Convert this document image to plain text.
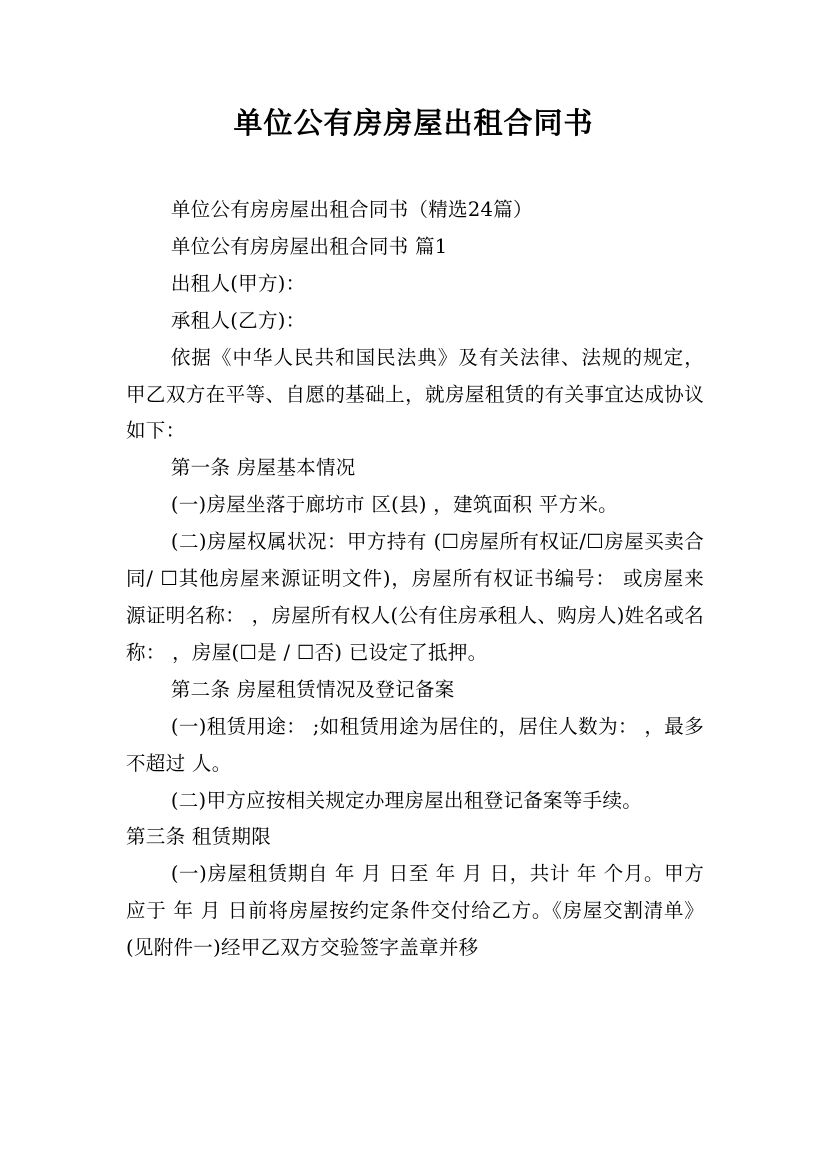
单位公有房房屋出租合同书

单位公有房房屋出租合同书（精选24篇）

单位公有房房屋出租合同书 篇1

出租人(甲方)：

承租人(乙方)：

依据《中华人民共和国民法典》及有关法律、法规的规定，甲乙双方在平等、自愿的基础上，就房屋租赁的有关事宜达成协议如下：

第一条 房屋基本情况

(一)房屋坐落于廊坊市 区(县) ，建筑面积 平方米。

(二)房屋权属状况：甲方持有 (☐房屋所有权证/☐房屋买卖合同/ ☐其他房屋来源证明文件)，房屋所有权证书编号： 或房屋来源证明名称： ，房屋所有权人(公有住房承租人、购房人)姓名或名称： ，房屋(☐是 / ☐否) 已设定了抵押。

第二条 房屋租赁情况及登记备案

(一)租赁用途： ;如租赁用途为居住的，居住人数为： ，最多不超过 人。

(二)甲方应按相关规定办理房屋出租登记备案等手续。

第三条 租赁期限

(一)房屋租赁期自 年 月 日至 年 月 日，共计 年 个月。甲方应于 年 月 日前将房屋按约定条件交付给乙方。《房屋交割清单》(见附件一)经甲乙双方交验签字盖章并移
